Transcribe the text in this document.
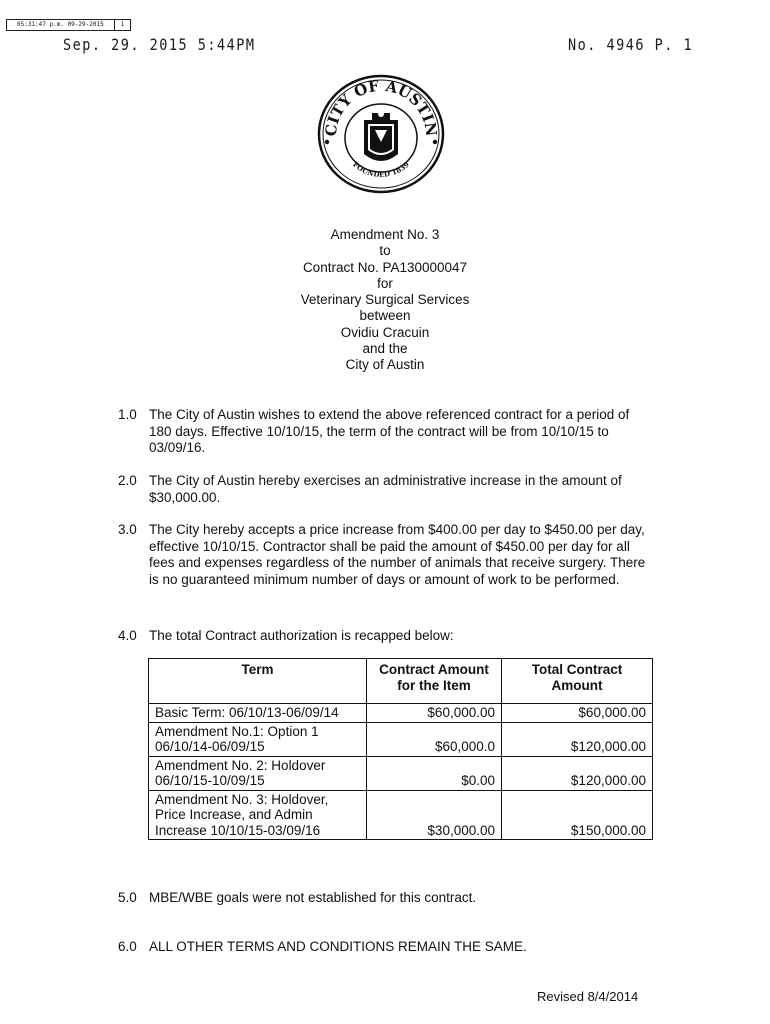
05:31:47 p.m. 09-29-2015	1
Sep. 29. 2015 5:44PM	No. 4946 P. 1
CITY OF AUSTIN
FOUNDED 1839
Amendment No. 3
to
Contract No. PA130000047
for
Veterinary Surgical Services
between
Ovidiu Cracuin
and the
City of Austin
1.0 The City of Austin wishes to extend the above referenced contract for a period of 180 days. Effective 10/10/15, the term of the contract will be from 10/10/15 to 03/09/16.
2.0 The City of Austin hereby exercises an administrative increase in the amount of $30,000.00.
3.0 The City hereby accepts a price increase from $400.00 per day to $450.00 per day, effective 10/10/15. Contractor shall be paid the amount of $450.00 per day for all fees and expenses regardless of the number of animals that receive surgery. There is no guaranteed minimum number of days or amount of work to be performed.
4.0 The total Contract authorization is recapped below:
Term	Contract Amount for the Item	Total Contract Amount
Basic Term: 06/10/13-06/09/14	$60,000.00	$60,000.00
Amendment No.1: Option 1 06/10/14-06/09/15	$60,000.0	$120,000.00
Amendment No. 2: Holdover 06/10/15-10/09/15	$0.00	$120,000.00
Amendment No. 3: Holdover, Price Increase, and Admin Increase 10/10/15-03/09/16	$30,000.00	$150,000.00
5.0 MBE/WBE goals were not established for this contract.
6.0 ALL OTHER TERMS AND CONDITIONS REMAIN THE SAME.
Revised 8/4/2014
